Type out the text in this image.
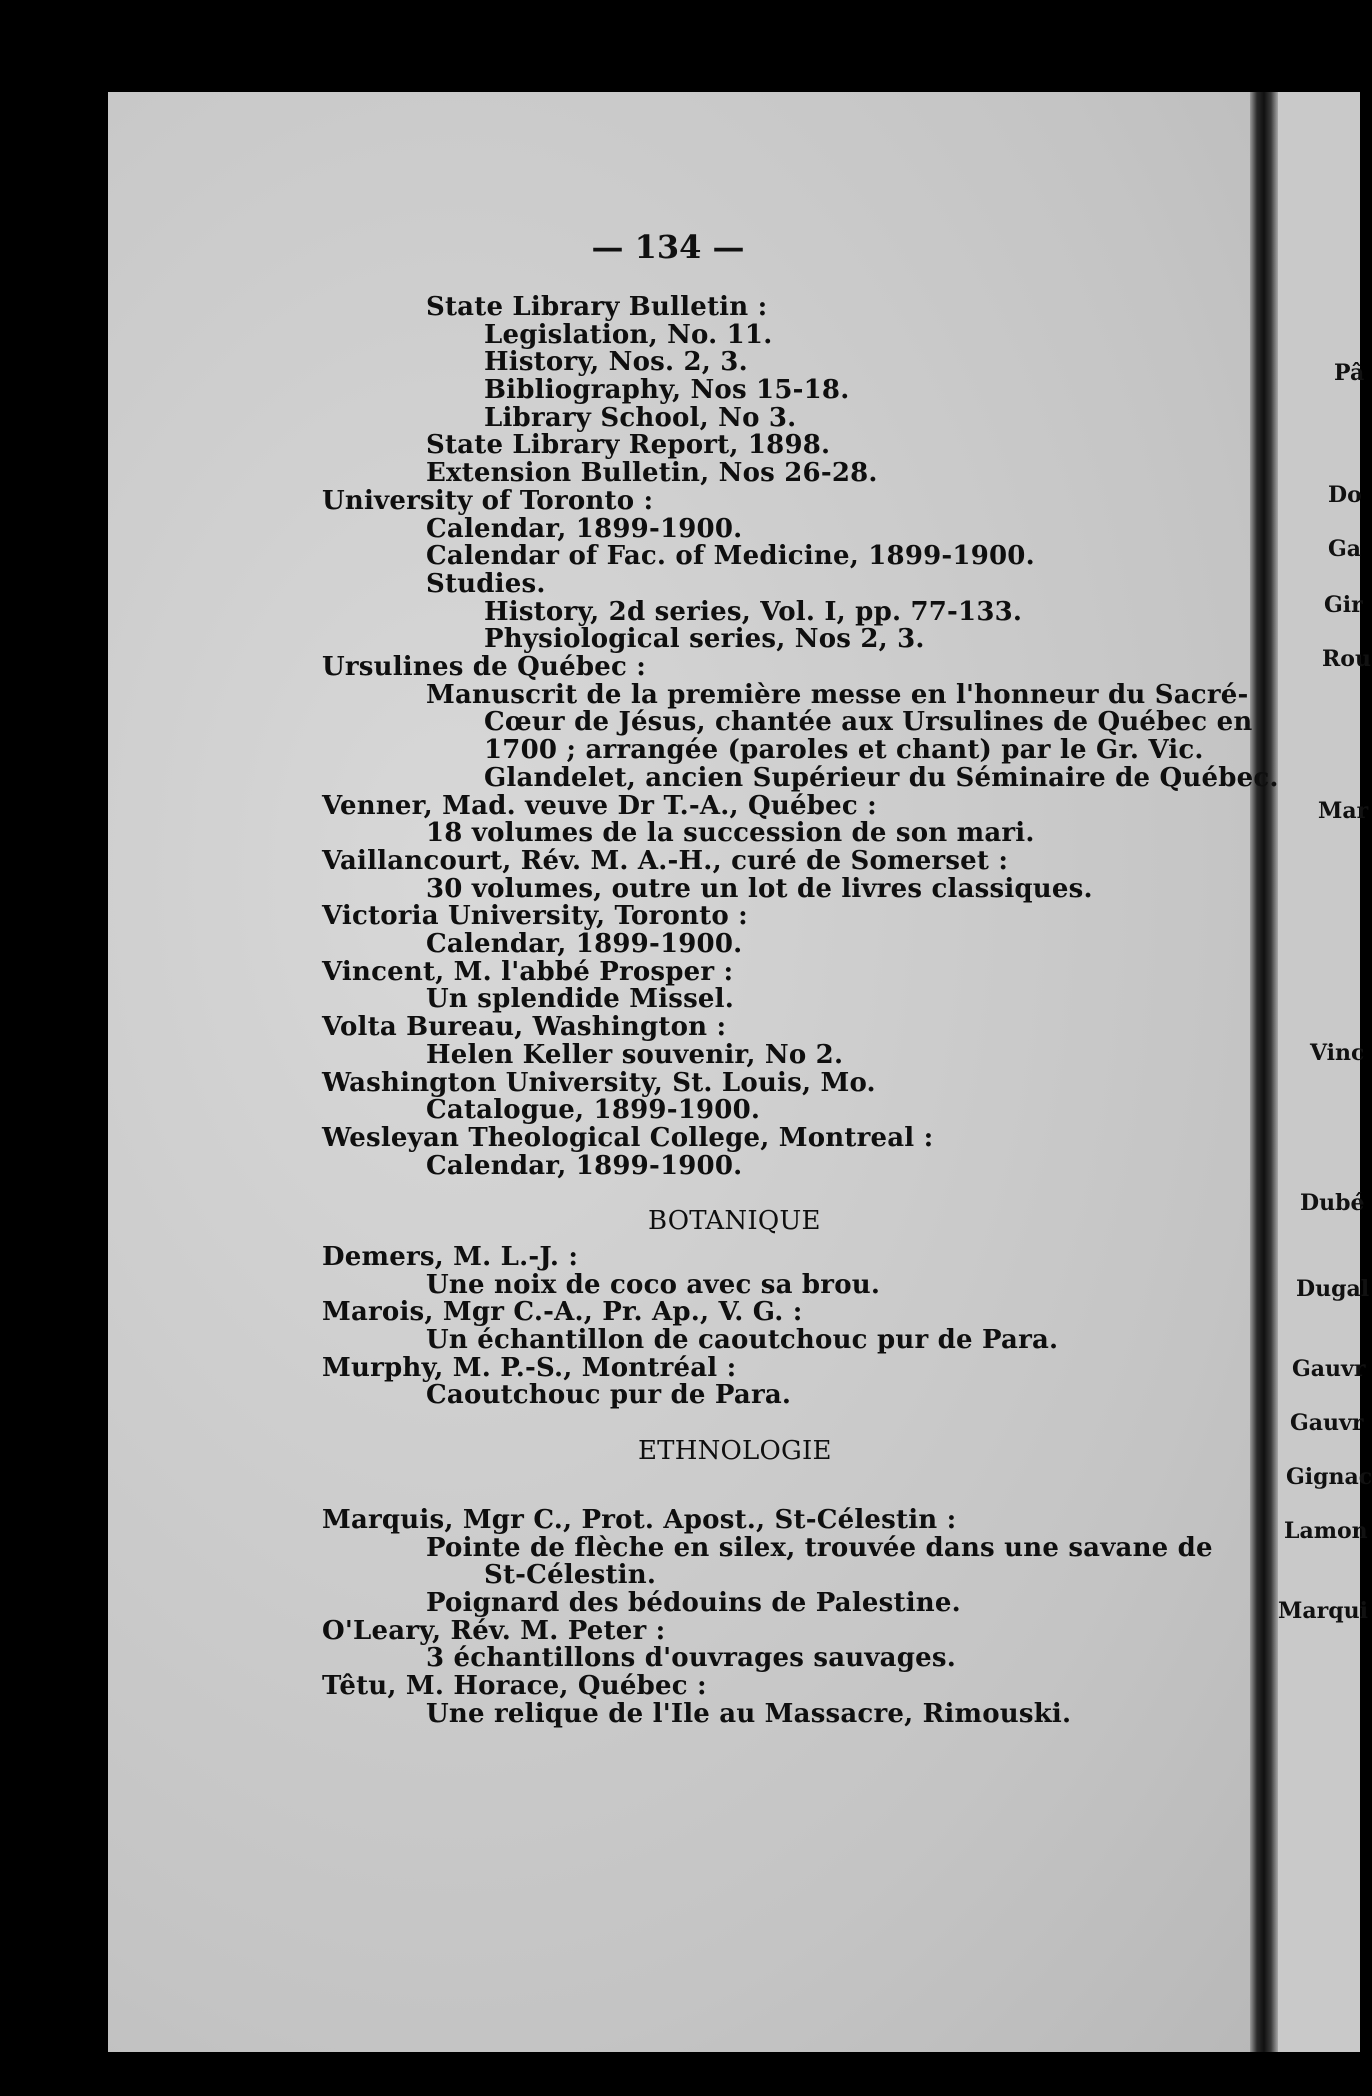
— 134 —
State Library Bulletin :
Legislation, No. 11.
History, Nos. 2, 3.
Bibliography, Nos 15-18.
Library School, No 3.
State Library Report, 1898.
Extension Bulletin, Nos 26-28.
University of Toronto :
Calendar, 1899-1900.
Calendar of Fac. of Medicine, 1899-1900.
Studies.
History, 2d series, Vol. I, pp. 77-133.
Physiological series, Nos 2, 3.
Ursulines de Québec :
Manuscrit de la première messe en l'honneur du Sacré-
Cœur de Jésus, chantée aux Ursulines de Québec en
1700 ; arrangée (paroles et chant) par le Gr. Vic.
Glandelet, ancien Supérieur du Séminaire de Québec.
Venner, Mad. veuve Dr T.-A., Québec :
18 volumes de la succession de son mari.
Vaillancourt, Rév. M. A.-H., curé de Somerset :
30 volumes, outre un lot de livres classiques.
Victoria University, Toronto :
Calendar, 1899-1900.
Vincent, M. l'abbé Prosper :
Un splendide Missel.
Volta Bureau, Washington :
Helen Keller souvenir, No 2.
Washington University, St. Louis, Mo.
Catalogue, 1899-1900.
Wesleyan Theological College, Montreal :
Calendar, 1899-1900.
BOTANIQUE
Demers, M. L.-J. :
Une noix de coco avec sa brou.
Marois, Mgr C.-A., Pr. Ap., V. G. :
Un échantillon de caoutchouc pur de Para.
Murphy, M. P.-S., Montréal :
Caoutchouc pur de Para.
ETHNOLOGIE
Marquis, Mgr C., Prot. Apost., St-Célestin :
Pointe de flèche en silex, trouvée dans une savane de
St-Célestin.
Poignard des bédouins de Palestine.
O'Leary, Rév. M. Peter :
3 échantillons d'ouvrages sauvages.
Têtu, M. Horace, Québec :
Une relique de l'Ile au Massacre, Rimouski.
Pâ
Do
Ga
Gir
Rou
Mar
Vinc
Dubé
Dugal
Gauvr
Gauvr
Gignac
Lamon
Marqui
